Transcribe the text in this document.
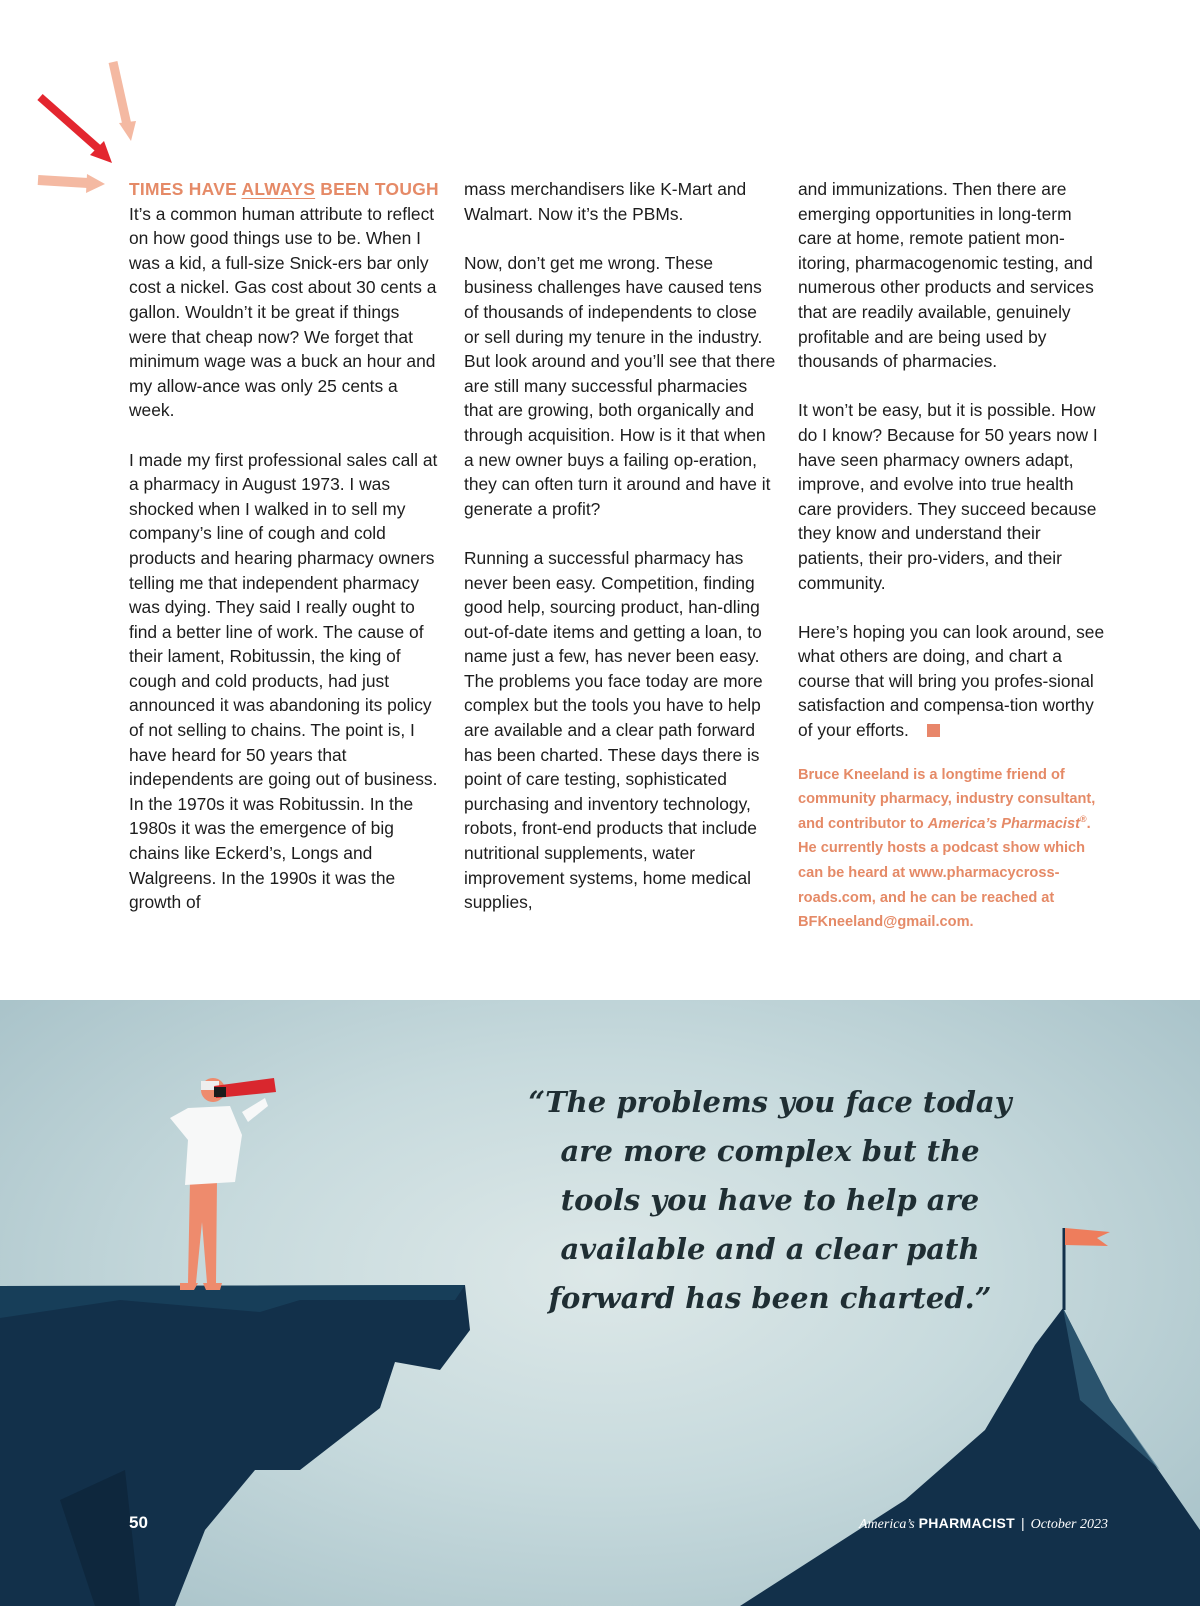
TIMES HAVE ALWAYS BEEN TOUGH

It’s a common human attribute to reflect on how good things use to be. When I was a kid, a full-size Snick-ers bar only cost a nickel. Gas cost about 30 cents a gallon. Wouldn’t it be great if things were that cheap now? We forget that minimum wage was a buck an hour and my allow-ance was only 25 cents a week.

I made my first professional sales call at a pharmacy in August 1973. I was shocked when I walked in to sell my company’s line of cough and cold products and hearing pharmacy owners telling me that independent pharmacy was dying. They said I really ought to find a better line of work. The cause of their lament, Robitussin, the king of cough and cold products, had just announced it was abandoning its policy of not selling to chains. The point is, I have heard for 50 years that independents are going out of business. In the 1970s it was Robitussin. In the 1980s it was the emergence of big chains like Eckerd’s, Longs and Walgreens. In the 1990s it was the growth of

mass merchandisers like K-Mart and Walmart. Now it’s the PBMs.

Now, don’t get me wrong. These business challenges have caused tens of thousands of independents to close or sell during my tenure in the industry. But look around and you’ll see that there are still many successful pharmacies that are growing, both organically and through acquisition. How is it that when a new owner buys a failing op-eration, they can often turn it around and have it generate a profit?

Running a successful pharmacy has never been easy. Competition, finding good help, sourcing product, han-dling out-of-date items and getting a loan, to name just a few, has never been easy. The problems you face today are more complex but the tools you have to help are available and a clear path forward has been charted. These days there is point of care testing, sophisticated purchasing and inventory technology, robots, front-end products that include nutritional supplements, water improvement systems, home medical supplies,

and immunizations. Then there are emerging opportunities in long-term care at home, remote patient mon-itoring, pharmacogenomic testing, and numerous other products and services that are readily available, genuinely profitable and are being used by thousands of pharmacies.

It won’t be easy, but it is possible. How do I know? Because for 50 years now I have seen pharmacy owners adapt, improve, and evolve into true health care providers. They succeed because they know and understand their patients, their pro-viders, and their community.

Here’s hoping you can look around, see what others are doing, and chart a course that will bring you profes-sional satisfaction and compensa-tion worthy of your efforts.

Bruce Kneeland is a longtime friend of community pharmacy, industry consultant, and contributor to America’s Pharmacist®. He currently hosts a podcast show which can be heard at www.pharmacycross-roads.com, and he can be reached at BFKneeland@gmail.com.
“The problems you face today
are more complex but the
tools you have to help are
available and a clear path
forward has been charted.”
50	America’s PHARMACIST | October 2023
